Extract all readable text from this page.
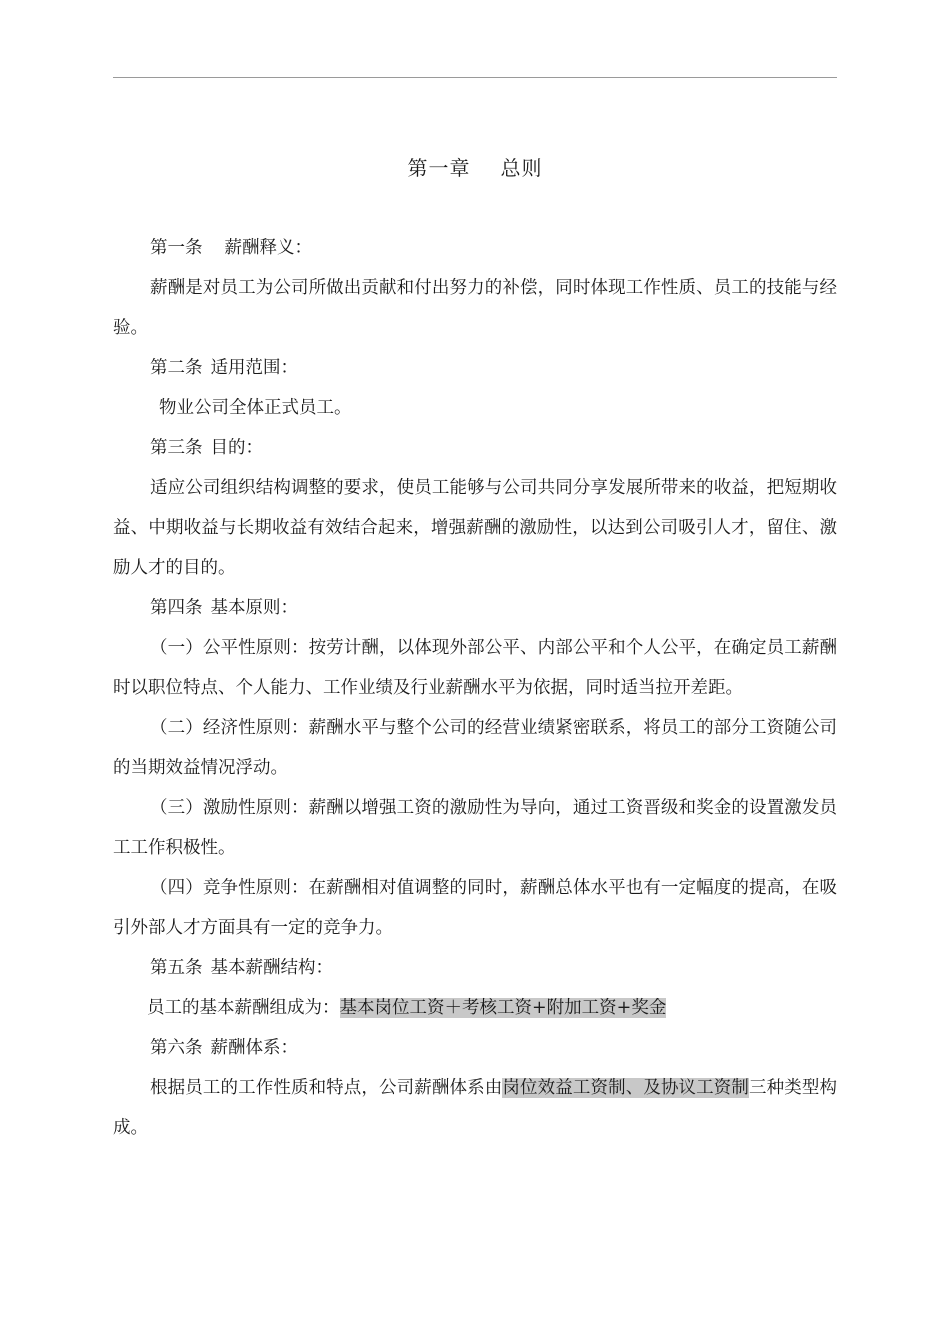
第一章 总则

第一条 薪酬释义：

薪酬是对员工为公司所做出贡献和付出努力的补偿，同时体现工作性质、员工的技能与经验。

第二条 适用范围：

物业公司全体正式员工。

第三条 目的：

适应公司组织结构调整的要求，使员工能够与公司共同分享发展所带来的收益，把短期收益、中期收益与长期收益有效结合起来，增强薪酬的激励性，以达到公司吸引人才，留住、激励人才的目的。

第四条 基本原则：

（一）公平性原则：按劳计酬，以体现外部公平、内部公平和个人公平，在确定员工薪酬时以职位特点、个人能力、工作业绩及行业薪酬水平为依据，同时适当拉开差距。

（二）经济性原则：薪酬水平与整个公司的经营业绩紧密联系，将员工的部分工资随公司的当期效益情况浮动。

（三）激励性原则：薪酬以增强工资的激励性为导向，通过工资晋级和奖金的设置激发员工工作积极性。

（四）竞争性原则：在薪酬相对值调整的同时，薪酬总体水平也有一定幅度的提高，在吸引外部人才方面具有一定的竞争力。

第五条 基本薪酬结构：

员工的基本薪酬组成为：基本岗位工资＋考核工资+附加工资+奖金

第六条 薪酬体系：

根据员工的工作性质和特点，公司薪酬体系由岗位效益工资制、及协议工资制三种类型构成。
